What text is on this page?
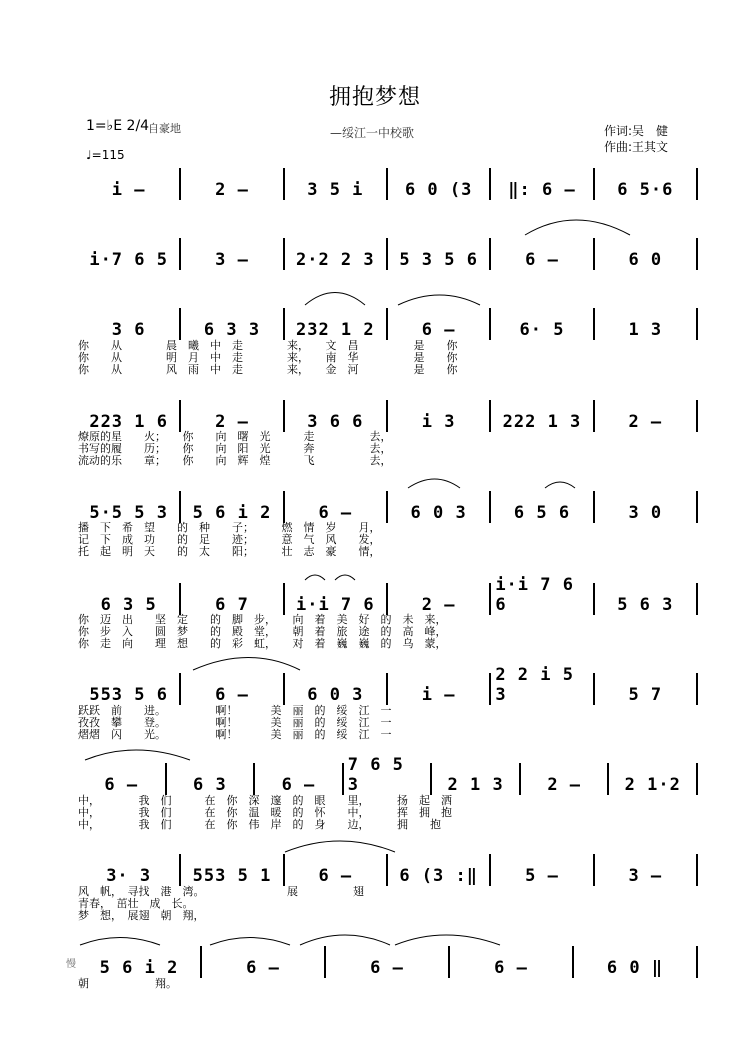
拥抱梦想
—绥江一中校歌
1=♭E 2/4
自豪地
♩=115
作词:吴　健
作曲:王其文
慢
i –	2 –	3 5 i	6 0 (3	‖: 6 –	6 5·6
i·7 6 5	3 –	2·2 2 3	5 3 5 6	6 –	6 0
3 6	6 3 3	232 1 2	6 –	6· 5	1 3
223 1 6	2 –	3 6 6	i 3	222 1 3	2 –
5·5 5 3	5 6 i 2	6 –	6 0 3	6 5 6	3 0
6 3 5	6 7	i·i 7 6	2 –
i·i 7 6 6	5 6 3
553 5 6	6 –	6 0 3	i –
2 2 i 5 3	5 7
6 –	6 3	6 –
7 6 5 3	2 1 3	2 –	2 1·2
3· 3	553 5 1	6 –	6 (3 :‖	5 –	3 –
5 6 i 2	6 –	6 –	6 –	6 0 ‖
你　　从　　　　晨　曦　中　走　　　　来，　　文　昌　　　　　是　　你
你　　从　　　　明　月　中　走　　　　来，　　南　华　　　　　是　　你
你　　从　　　　风　雨　中　走　　　　来，　　金　河　　　　　是　　你
燎原的星　　火；　　你　　向　曙　光　　　走　　　　　去，
书写的履　　历；　　你　　向　阳　光　　　奔　　　　　去，
流动的乐　　章；　　你　　向　辉　煌　　　飞　　　　　去，
播　下　希　望　　的　种　　子；　　　燃　情　岁　　月，
记　下　成　功　　的　足　　迹；　　　意　气　风　　发，
托　起　明　天　　的　太　　阳；　　　壮　志　豪　　情，
你　迈　出　　坚　定　　的　脚　步，　　向　着　美　好　的　未　来，
你　步　入　　圆　梦　　的　殿　堂，　　朝　着　旅　途　的　高　峰，
你　走　向　　理　想　　的　彩　虹，　　对　着　巍　巍　的　乌　蒙，
跃跃　前　　进。　　　　　啊！　　　美　丽　的　绥　江　一
孜孜　攀　　登。　　　　　啊！　　　美　丽　的　绥　江　一
熠熠　闪　　光。　　　　　啊！　　　美　丽　的　绥　江　一
中，　　　　我　们　　　在　你　深　邃　的　眼　　里，　　　扬　起　洒
中，　　　　我　们　　　在　你　温　暖　的　怀　　中，　　　挥　拥　抱
中，　　　　我　们　　　在　你　伟　岸　的　身　　边，　　　拥　　抱
风　帆，　寻找　港　湾。　　　　　　　　展　　　　　翅
青春，　茁壮　成　长。
梦　想，　展翅　朝　翔，
朝　　　　　　翔。
